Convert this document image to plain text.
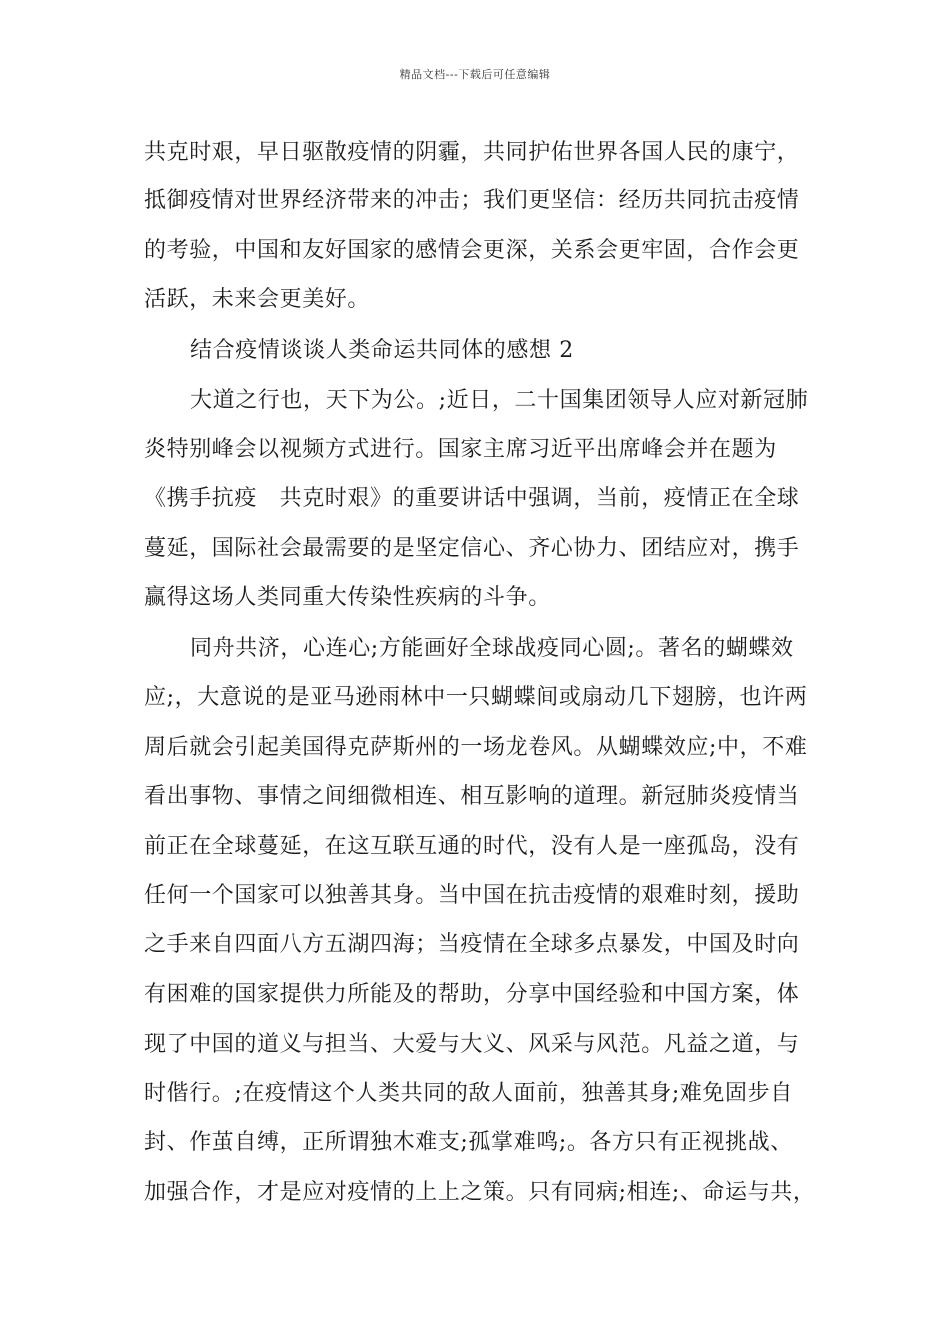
精品文档---下载后可任意编辑
共克时艰，早日驱散疫情的阴霾，共同护佑世界各国人民的康宁，
抵御疫情对世界经济带来的冲击；我们更坚信：经历共同抗击疫情
的考验，中国和友好国家的感情会更深，关系会更牢固，合作会更
活跃，未来会更美好。
结合疫情谈谈人类命运共同体的感想 2
大道之行也，天下为公。;近日，二十国集团领导人应对新冠肺
炎特别峰会以视频方式进行。国家主席习近平出席峰会并在题为
《携手抗疫　共克时艰》的重要讲话中强调，当前，疫情正在全球
蔓延，国际社会最需要的是坚定信心、齐心协力、团结应对，携手
赢得这场人类同重大传染性疾病的斗争。
同舟共济，心连心;方能画好全球战疫同心圆;。著名的蝴蝶效
应;，大意说的是亚马逊雨林中一只蝴蝶间或扇动几下翅膀，也许两
周后就会引起美国得克萨斯州的一场龙卷风。从蝴蝶效应;中，不难
看出事物、事情之间细微相连、相互影响的道理。新冠肺炎疫情当
前正在全球蔓延，在这互联互通的时代，没有人是一座孤岛，没有
任何一个国家可以独善其身。当中国在抗击疫情的艰难时刻，援助
之手来自四面八方五湖四海；当疫情在全球多点暴发，中国及时向
有困难的国家提供力所能及的帮助，分享中国经验和中国方案，体
现了中国的道义与担当、大爱与大义、风采与风范。凡益之道，与
时偕行。;在疫情这个人类共同的敌人面前，独善其身;难免固步自
封、作茧自缚，正所谓独木难支;孤掌难鸣;。各方只有正视挑战、
加强合作，才是应对疫情的上上之策。只有同病;相连;、命运与共，
